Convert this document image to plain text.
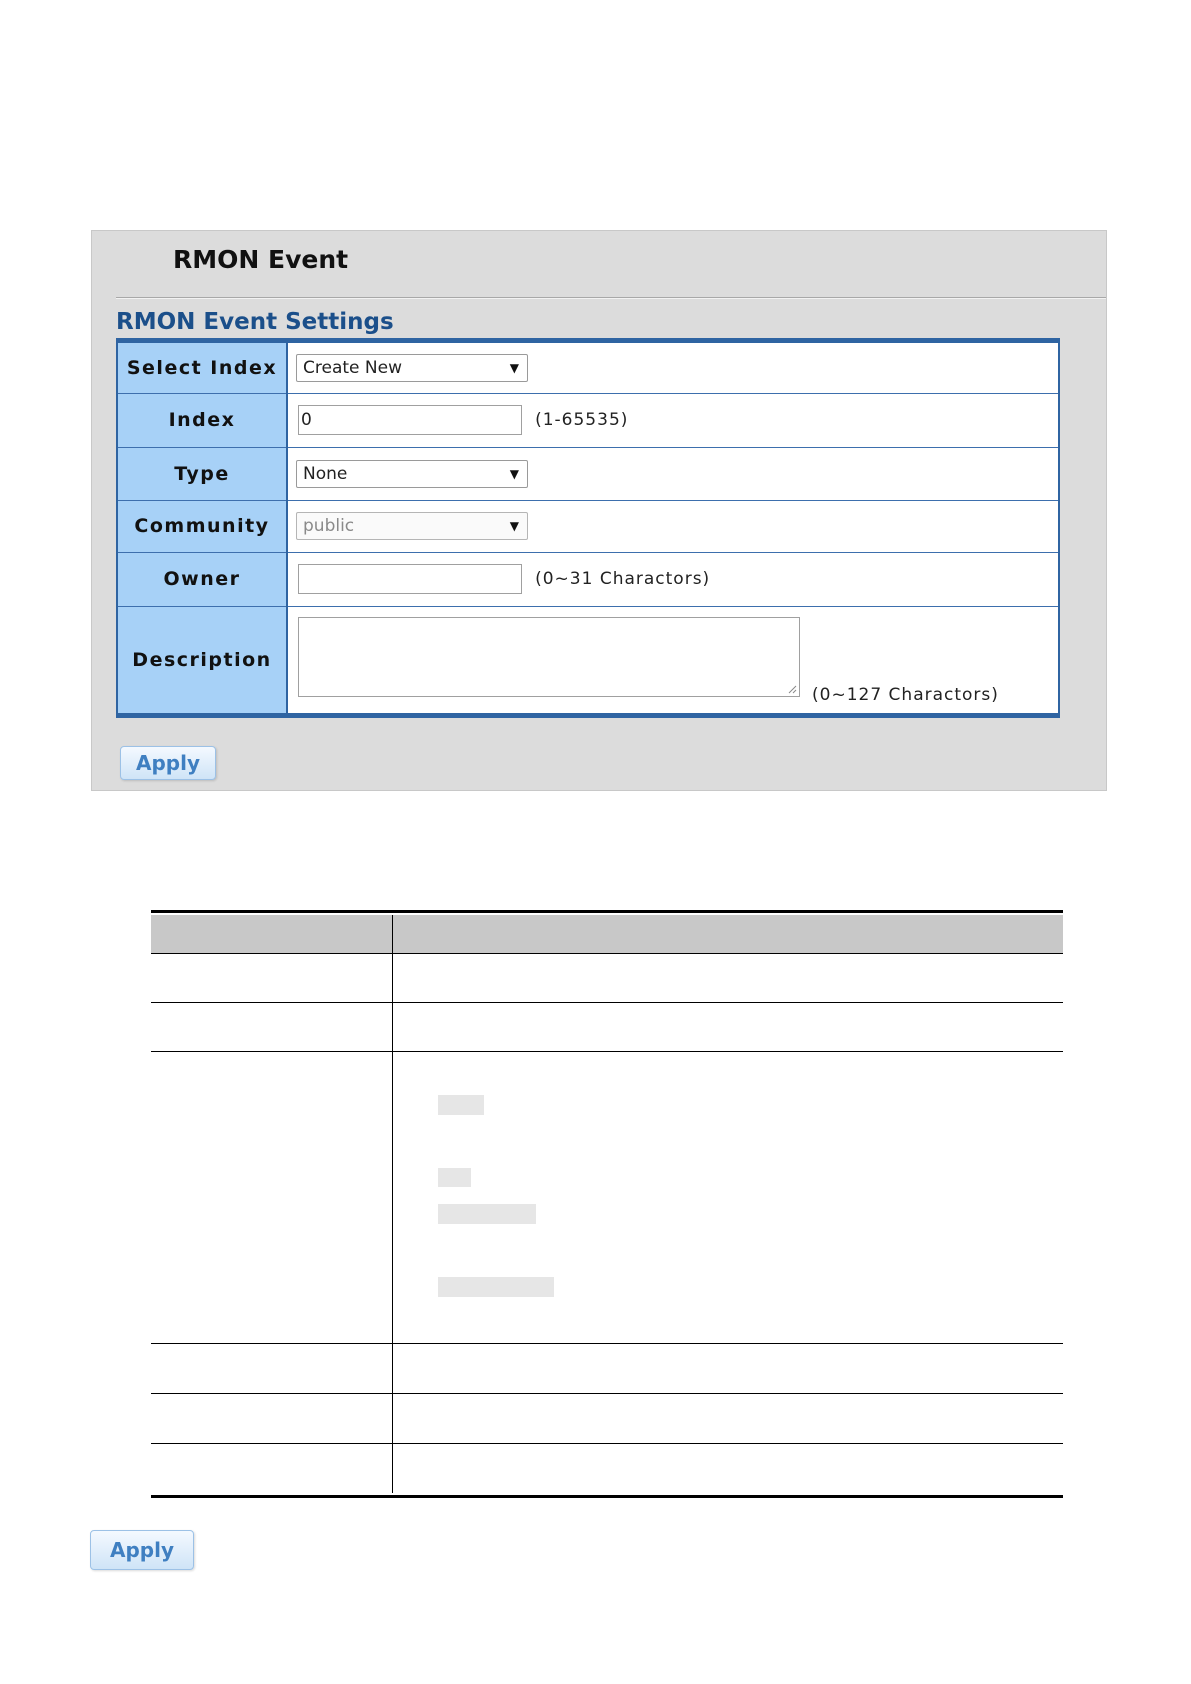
RMON Event
RMON Event Settings
Select Index	Create New ▼

Index	0 (1-65535)
Type	None ▼

Community	public ▼

Owner	(0~31 Charactors)
Description	(0~127 Charactors)
Apply
Apply
